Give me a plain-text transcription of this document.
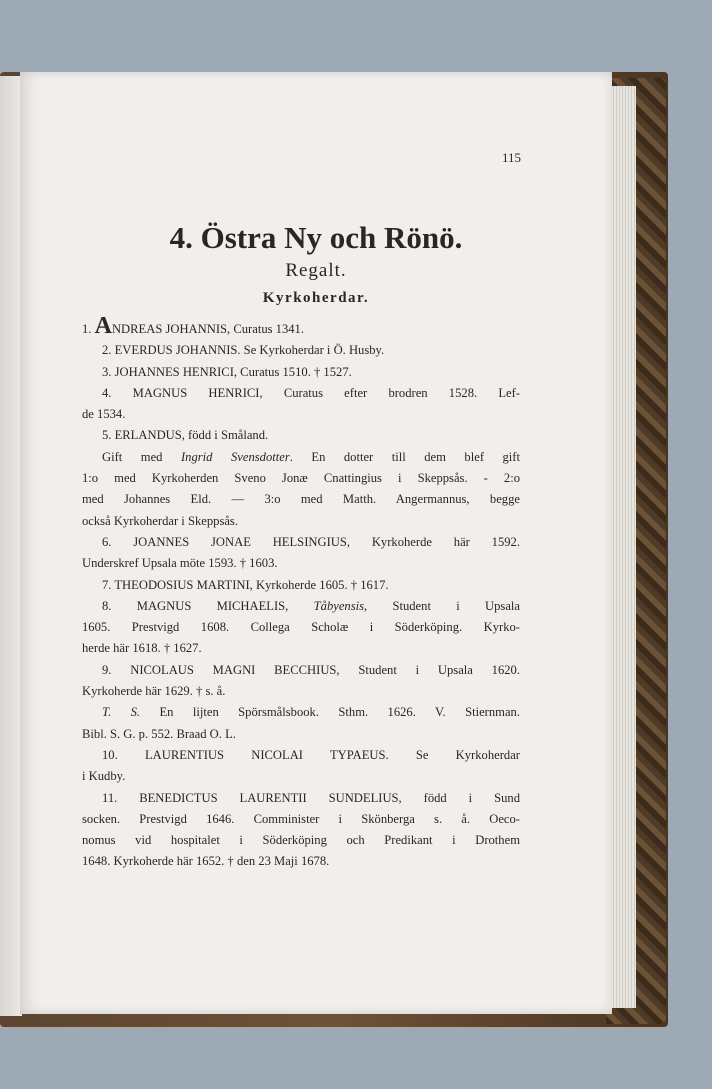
115
4. Östra Ny och Rönö.
Regalt.
Kyrkoherdar.
1. ANDREAS JOHANNIS, Curatus 1341.
2. EVERDUS JOHANNIS. Se Kyrkoherdar i Ö. Husby.
3. JOHANNES HENRICI, Curatus 1510. † 1527.
4. MAGNUS HENRICI, Curatus efter brodren 1528. Lef-
de 1534.
5. ERLANDUS, född i Småland.
Gift med Ingrid Svensdotter. En dotter till dem blef gift
1:o med Kyrkoherden Sveno Jonæ Cnattingius i Skeppsås. - 2:o
med Johannes Eld. — 3:o med Matth. Angermannus, begge
också Kyrkoherdar i Skeppsås.
6. JOANNES JONAE HELSINGIUS, Kyrkoherde här 1592.
Underskref Upsala möte 1593. † 1603.
7. THEODOSIUS MARTINI, Kyrkoherde 1605. † 1617.
8. MAGNUS MICHAELIS, Tåbyensis, Student i Upsala
1605. Prestvigd 1608. Collega Scholæ i Söderköping. Kyrko-
herde här 1618. † 1627.
9. NICOLAUS MAGNI BECCHIUS, Student i Upsala 1620.
Kyrkoherde här 1629. † s. å.
T. S. En lijten Spörsmålsbook. Sthm. 1626. V. Stiernman.
Bibl. S. G. p. 552. Braad O. L.
10. LAURENTIUS NICOLAI TYPAEUS. Se Kyrkoherdar
i Kudby.
11. BENEDICTUS LAURENTII SUNDELIUS, född i Sund
socken. Prestvigd 1646. Comminister i Skönberga s. å. Oeco-
nomus vid hospitalet i Söderköping och Predikant i Drothem
1648. Kyrkoherde här 1652. † den 23 Maji 1678.
